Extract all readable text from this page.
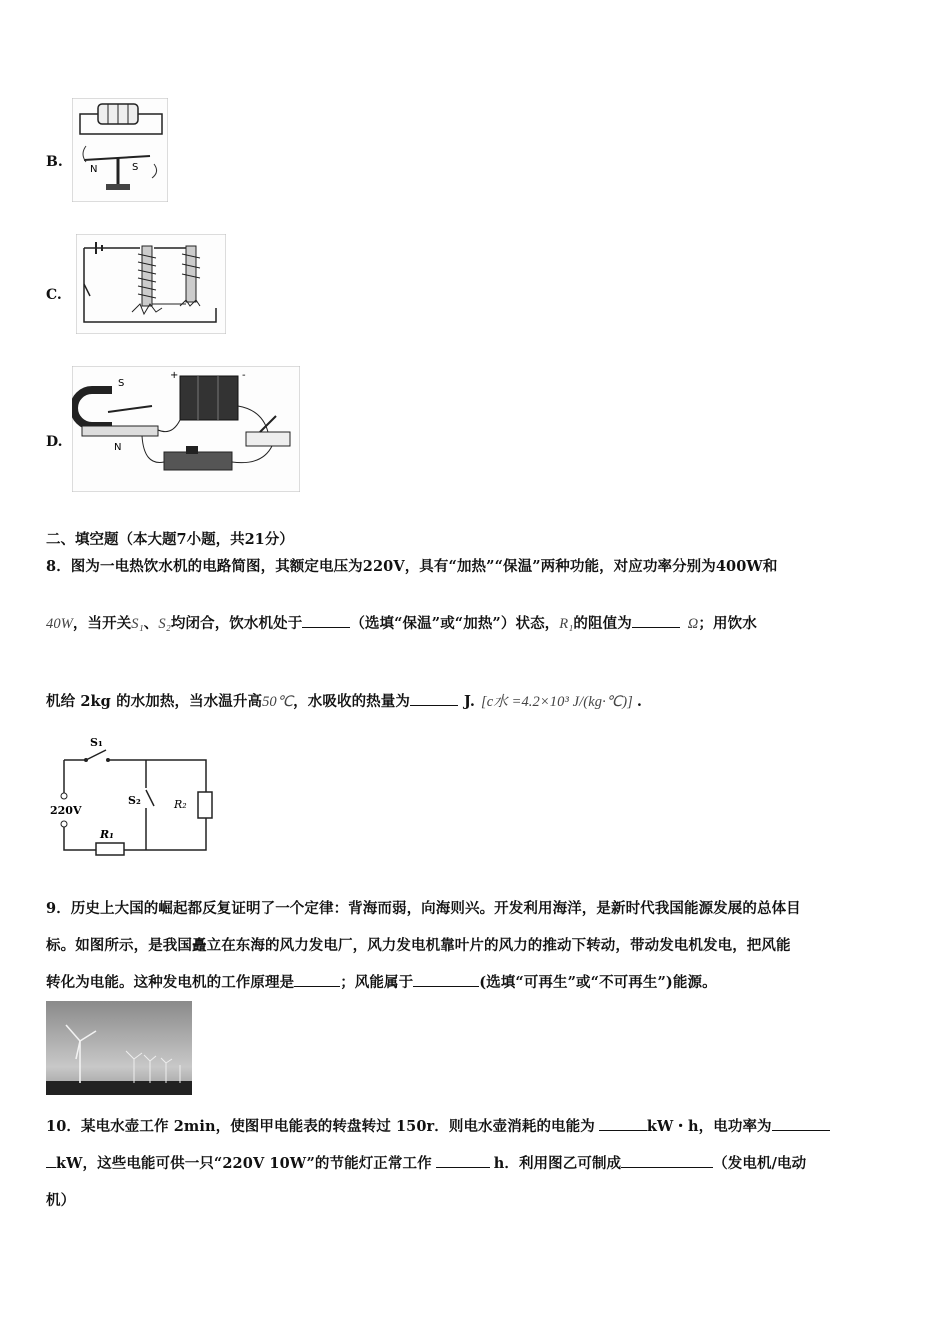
B.	N	S
C.
D.
S
N
+	-
二、填空题（本大题7小题，共21分）
8．图为一电热饮水机的电路简图，其额定电压为220V，具有“加热”“保温”两种功能，对应功率分别为400W和
40W，当开关S₁、S₂均闭合，饮水机处于	（选填“保温”或“加热”）状态，R₁的阻值为	Ω；用饮水
机给 2kg 的水加热，当水温升高50℃，水吸收的热量为	J. [c水 =4.2×10³ J/(kg·℃)] .
S₁
S₂	R₂
R₁
220V
9．历史上大国的崛起都反复证明了一个定律：背海而弱，向海则兴。开发利用海洋，是新时代我国能源发展的总体目
标。如图所示，是我国矗立在东海的风力发电厂，风力发电机靠叶片的风力的推动下转动，带动发电机发电，把风能
转化为电能。这种发电机的工作原理是	；风能属于	(选填“可再生”或“不可再生”)能源。
10．某电水壶工作 2min，使图甲电能表的转盘转过 150r．则电水壶消耗的电能为	kW・h，电功率为
kW，这些电能可供一只“220V 10W”的节能灯正常工作	h．利用图乙可制成	（发电机/电动
机）
